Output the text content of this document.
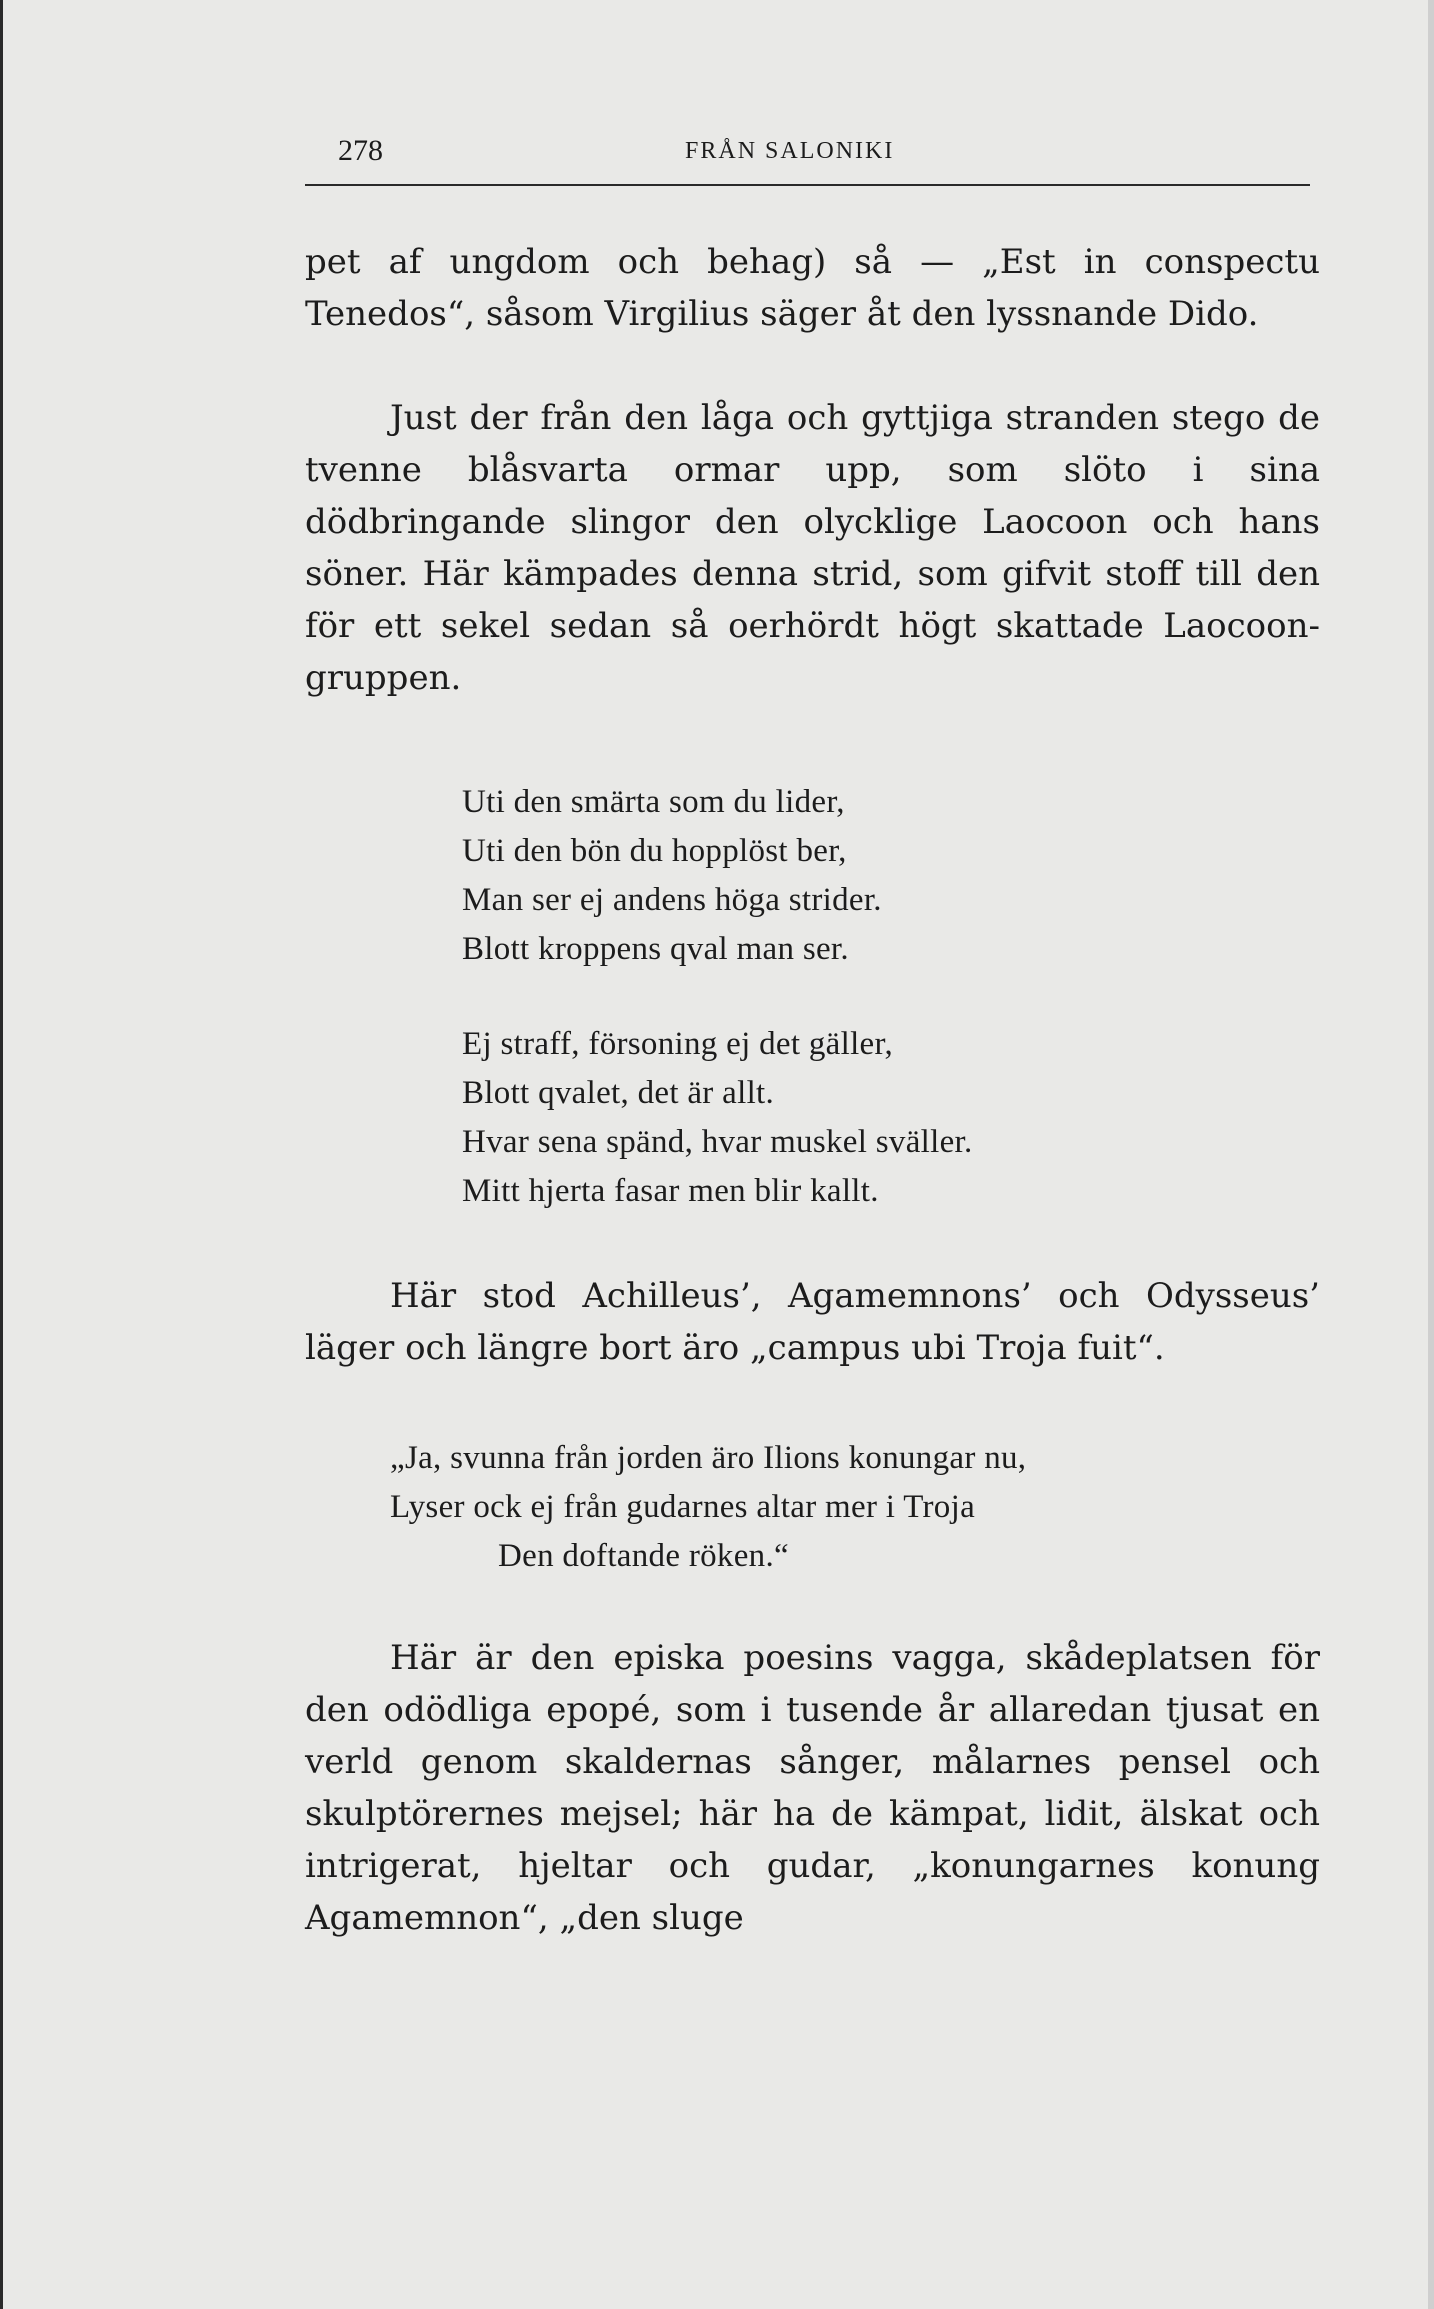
278	FRÅN SALONIKI

pet af ungdom och behag) så — „Est in conspectu Tenedos“, såsom Virgilius säger åt den lyssnande Dido.

Just der från den låga och gyttjiga stranden stego de tvenne blåsvarta ormar upp, som slöto i sina dödbringande slingor den olycklige Laocoon och hans söner. Här kämpades denna strid, som gifvit stoff till den för ett sekel sedan så oerhördt högt skattade Laocoon-gruppen.

Uti den smärta som du lider,
Uti den bön du hopplöst ber,
Man ser ej andens höga strider.
Blott kroppens qval man ser.
Ej straff, försoning ej det gäller,
Blott qvalet, det är allt.
Hvar sena spänd, hvar muskel sväller.
Mitt hjerta fasar men blir kallt.

Här stod Achilleus’, Agamemnons’ och Odysseus’ läger och längre bort äro „campus ubi Troja fuit“.

„Ja, svunna från jorden äro Ilions konungar nu,
Lyser ock ej från gudarnes altar mer i Troja
Den doftande röken.“

Här är den episka poesins vagga, skådeplatsen för den odödliga epopé, som i tusende år allaredan tjusat en verld genom skaldernas sånger, målarnes pensel och skulptörernes mejsel; här ha de kämpat, lidit, älskat och intrigerat, hjeltar och gudar, „konungarnes konung Agamemnon“, „den sluge
